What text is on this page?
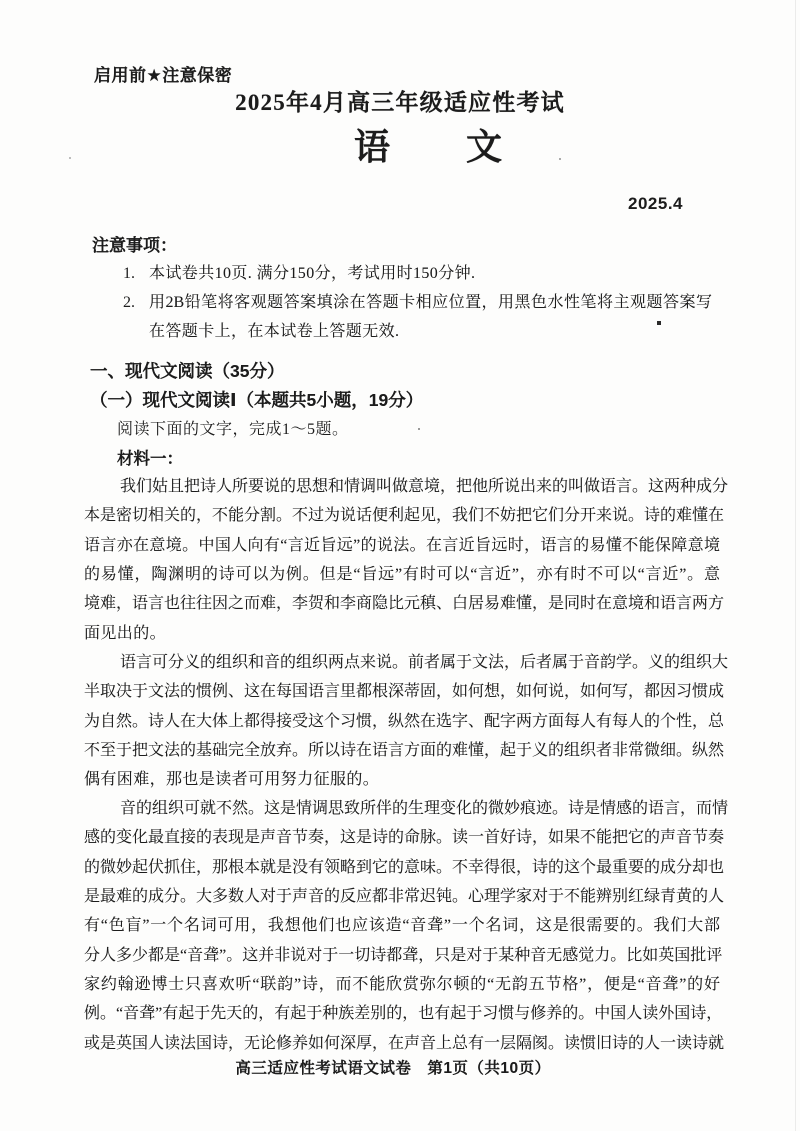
启用前★注意保密
2025年4月高三年级适应性考试
语　文
2025.4
注意事项：
1. 本试卷共10页. 满分150分，考试用时150分钟.
2. 用2B铅笔将客观题答案填涂在答题卡相应位置，用黑色水性笔将主观题答案写
在答题卡上，在本试卷上答题无效.
一、现代文阅读（35分）
（一）现代文阅读Ⅰ（本题共5小题，19分）
阅读下面的文字，完成1～5题。
材料一：
我们姑且把诗人所要说的思想和情调叫做意境，把他所说出来的叫做语言。这两种成分
本是密切相关的，不能分割。不过为说话便利起见，我们不妨把它们分开来说。诗的难懂在
语言亦在意境。中国人向有“言近旨远”的说法。在言近旨远时，语言的易懂不能保障意境
的易懂，陶渊明的诗可以为例。但是“旨远”有时可以“言近”，亦有时不可以“言近”。意
境难，语言也往往因之而难，李贺和李商隐比元稹、白居易难懂，是同时在意境和语言两方
面见出的。
语言可分义的组织和音的组织两点来说。前者属于文法，后者属于音韵学。义的组织大
半取决于文法的惯例、这在每国语言里都根深蒂固，如何想，如何说，如何写，都因习惯成
为自然。诗人在大体上都得接受这个习惯，纵然在选字、配字两方面每人有每人的个性，总
不至于把文法的基础完全放弃。所以诗在语言方面的难懂，起于义的组织者非常微细。纵然
偶有困难，那也是读者可用努力征服的。
音的组织可就不然。这是情调思致所伴的生理变化的微妙痕迹。诗是情感的语言，而情
感的变化最直接的表现是声音节奏，这是诗的命脉。读一首好诗，如果不能把它的声音节奏
的微妙起伏抓住，那根本就是没有领略到它的意味。不幸得很，诗的这个最重要的成分却也
是最难的成分。大多数人对于声音的反应都非常迟钝。心理学家对于不能辨别红绿青黄的人
有“色盲”一个名词可用，我想他们也应该造“音聋”一个名词，这是很需要的。我们大部
分人多少都是“音聋”。这并非说对于一切诗都聋，只是对于某种音无感觉力。比如英国批评
家约翰逊博士只喜欢听“联韵”诗，而不能欣赏弥尔顿的“无韵五节格”，便是“音聋”的好
例。“音聋”有起于先天的，有起于种族差别的，也有起于习惯与修养的。中国人读外国诗，
或是英国人读法国诗，无论修养如何深厚，在声音上总有一层隔阂。读惯旧诗的人一读诗就
高三适应性考试语文试卷　第1页（共10页）
